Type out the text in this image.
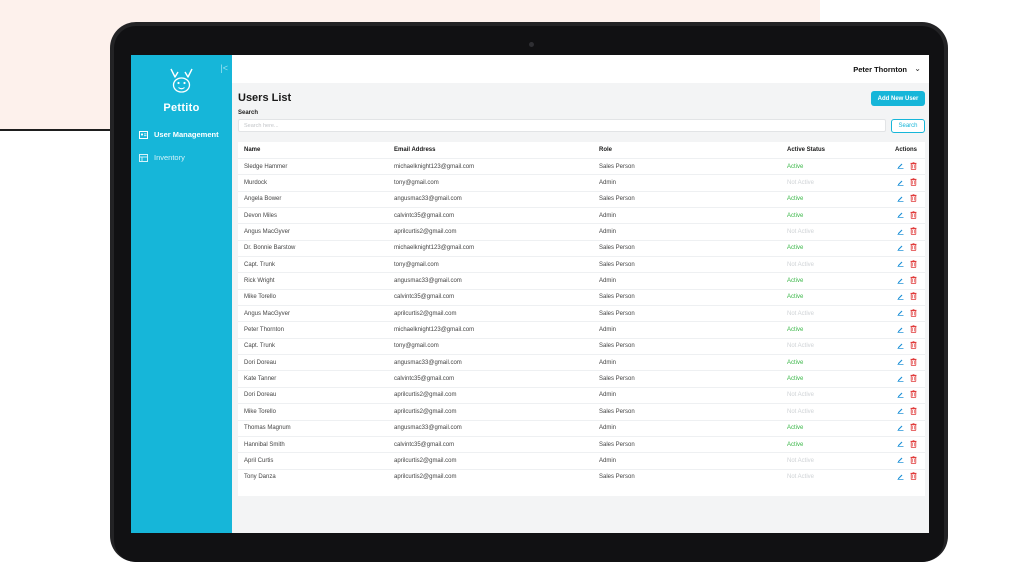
|<
Pettito
User Management
Inventory
Peter Thornton ⌄
Users List	Add New User
Search
Search here...
Search
Name	Email Address	Role	Active Status	Actions
Sledge Hammer	michaelknight123@gmail.com	Sales Person	Active	
Murdock	tony@gmail.com	Admin	Not Active	
Angela Bower	angusmac33@gmail.com	Sales Person	Active	
Devon Miles	calvintc35@gmail.com	Admin	Active	
Angus MacGyver	aprilcurtis2@gmail.com	Admin	Not Active	
Dr. Bonnie Barstow	michaelknight123@gmail.com	Sales Person	Active	
Capt. Trunk	tony@gmail.com	Sales Person	Not Active	
Rick Wright	angusmac33@gmail.com	Admin	Active	
Mike Torello	calvintc35@gmail.com	Sales Person	Active	
Angus MacGyver	aprilcurtis2@gmail.com	Sales Person	Not Active	
Peter Thornton	michaelknight123@gmail.com	Admin	Active	
Capt. Trunk	tony@gmail.com	Sales Person	Not Active	
Dori Doreau	angusmac33@gmail.com	Admin	Active	
Kate Tanner	calvintc35@gmail.com	Sales Person	Active	
Dori Doreau	aprilcurtis2@gmail.com	Admin	Not Active	
Mike Torello	aprilcurtis2@gmail.com	Sales Person	Not Active	
Thomas Magnum	angusmac33@gmail.com	Admin	Active	
Hannibal Smith	calvintc35@gmail.com	Sales Person	Active	
April Curtis	aprilcurtis2@gmail.com	Admin	Not Active	
Tony Danza	aprilcurtis2@gmail.com	Sales Person	Not Active	
